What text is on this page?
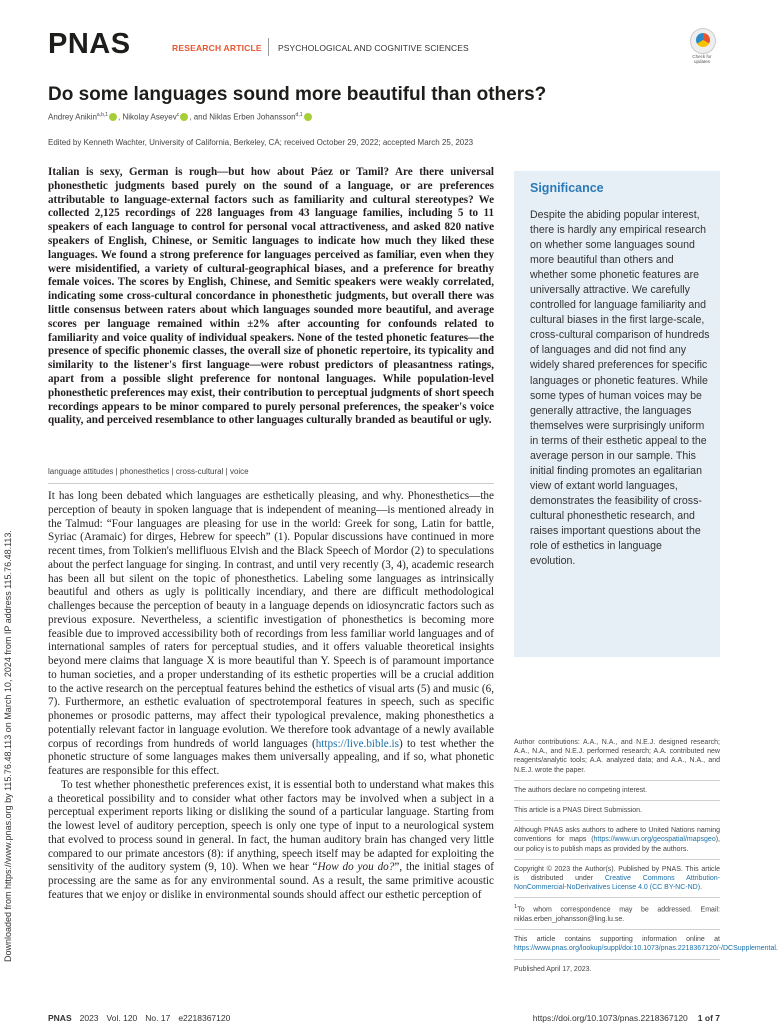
PNAS	RESEARCH ARTICLE PSYCHOLOGICAL AND COGNITIVE SCIENCES
Check for updates
Do some languages sound more beautiful than others?
Andrey Anikin$^{a,b,1}$ , Nikolay Aseyev$^c$ , and Niklas Erben Johansson$^{d,1}$
Edited by Kenneth Wachter, University of California, Berkeley, CA; received October 29, 2022; accepted March 25, 2023
Italian is sexy, German is rough—but how about Páez or Tamil? Are there universal phonesthetic judgments based purely on the sound of a language, or are preferences attributable to language-external factors such as familiarity and cultural stereotypes? We collected 2,125 recordings of 228 languages from 43 language families, including 5 to 11 speakers of each language to control for personal vocal attractiveness, and asked 820 native speakers of English, Chinese, or Semitic languages to indicate how much they liked these languages. We found a strong preference for languages perceived as familiar, even when they were misidentified, a variety of cultural-geographical biases, and a preference for breathy female voices. The scores by English, Chinese, and Semitic speakers were weakly correlated, indicating some cross-cultural concordance in phonesthetic judgments, but overall there was little consensus between raters about which languages sounded more beautiful, and average scores per language remained within ±2% after accounting for confounds related to familiarity and voice quality of individual speakers. None of the tested phonetic features—the presence of specific phonemic classes, the overall size of phonetic repertoire, its typicality and similarity to the listener's first language—were robust predictors of pleasantness ratings, apart from a possible slight preference for nontonal languages. While population-level phonesthetic preferences may exist, their contribution to perceptual judgments of short speech recordings appears to be minor compared to purely personal preferences, the speaker's voice quality, and perceived resemblance to other languages culturally branded as beautiful or ugly.
language attitudes | phonesthetics | cross-cultural | voice

It has long been debated which languages are esthetically pleasing, and why. Phonesthetics—the perception of beauty in spoken language that is independent of meaning—is mentioned already in the Talmud: “Four languages are pleasing for use in the world: Greek for song, Latin for battle, Syriac (Aramaic) for dirges, Hebrew for speech” (1). Popular discussions have continued in more recent times, from Tolkien's mellifluous Elvish and the Black Speech of Mordor (2) to speculations about the perfect language for singing. In contrast, and until very recently (3, 4), academic research has been all but silent on the topic of phonesthetics. Labeling some languages as intrinsically beautiful and others as ugly is politically incendiary, and there are difficult methodological challenges because the perception of beauty in a language depends on idiosyncratic factors such as previous exposure. Nevertheless, a scientific investigation of phonesthetics is becoming more feasible due to improved accessibility both of recordings from less familiar world languages and of international samples of raters for perceptual studies, and it offers valuable theoretical insights beyond mere claims that language X is more beautiful than Y. Speech is of paramount importance to human societies, and a proper understanding of its esthetic properties will be a crucial addition to the active research on the perceptual features behind the esthetics of visual arts (5) and music (6, 7). Furthermore, an esthetic evaluation of spectrotemporal features in speech, such as specific phonemes or prosodic patterns, may affect their typological prevalence, making phonesthetics a potentially relevant factor in language evolution. We therefore took advantage of a newly available corpus of recordings from hundreds of world languages (https://live.bible.is) to test whether the phonetic structure of some languages makes them universally appealing, and if so, what phonetic features are responsible for this effect.

To test whether phonesthetic preferences exist, it is essential both to understand what makes this a theoretical possibility and to consider what other factors may be involved when a subject in a perceptual experiment reports liking or disliking the sound of a particular language. Starting from the lowest level of auditory perception, speech is only one type of input to a neurological system that evolved to process sound in general. In fact, the human auditory brain has changed very little compared to our primate ancestors (8): if anything, speech itself may be adapted for exploiting the sensitivity of the auditory system (9, 10). When we hear “How do you do?”, the initial stages of processing are the same as for any environmental sound. As a result, the same primitive acoustic features that we enjoy or dislike in environmental sounds should affect our esthetic perception of

Significance
Despite the abiding popular interest, there is hardly any empirical research on whether some languages sound more beautiful than others and whether some phonetic features are universally attractive. We carefully controlled for language familiarity and cultural biases in the first large-scale, cross-cultural comparison of hundreds of languages and did not find any widely shared preferences for specific languages or phonetic features. While some types of human voices may be generally attractive, the languages themselves were surprisingly uniform in terms of their esthetic appeal to the average person in our sample. This initial finding promotes an egalitarian view of extant world languages, demonstrates the feasibility of cross-cultural phonesthetic research, and raises important questions about the role of esthetics in language evolution.

Author contributions: A.A., N.A., and N.E.J. designed research; A.A., N.A., and N.E.J. performed research; A.A. contributed new reagents/analytic tools; A.A. analyzed data; and A.A., N.A., and N.E.J. wrote the paper.

The authors declare no competing interest.

This article is a PNAS Direct Submission.

Although PNAS asks authors to adhere to United Nations naming conventions for maps (https://www.un.org/geospatial/mapsgeo), our policy is to publish maps as provided by the authors.

Copyright © 2023 the Author(s). Published by PNAS. This article is distributed under Creative Commons Attribution-NonCommercial-NoDerivatives License 4.0 (CC BY-NC-ND).

$^1$To whom correspondence may be addressed. Email: niklas.erben_johansson@ling.lu.se.

This article contains supporting information online at https://www.pnas.org/lookup/suppl/doi:10.1073/pnas.2218367120/-/DCSupplemental.

Published April 17, 2023.

Downloaded from https://www.pnas.org by 115.76.48.113 on March 10, 2024 from IP address 115.76.48.113.
PNAS 2023 Vol. 120 No. 17 e2218367120	https://doi.org/10.1073/pnas.2218367120 1 of 7
